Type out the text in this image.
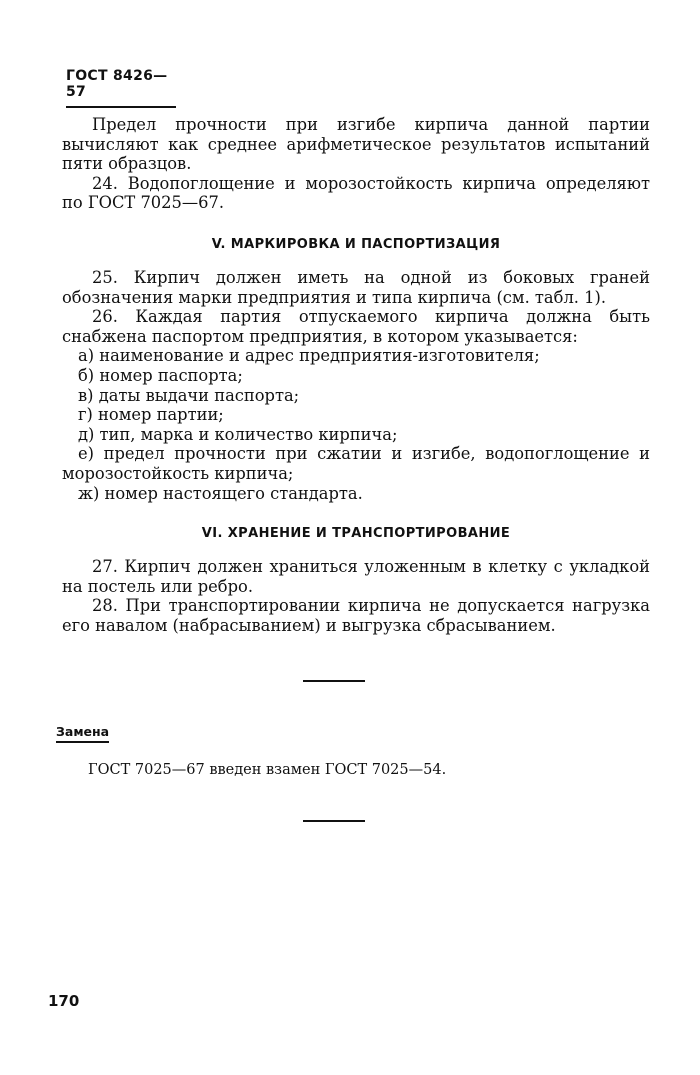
ГОСТ 8426—57

Предел прочности при изгибе кирпича данной партии вычисляют как среднее арифметическое результатов испытаний пяти образцов.

24. Водопоглощение и морозостойкость кирпича определяют по ГОСТ 7025—67.

V. МАРКИРОВКА И ПАСПОРТИЗАЦИЯ

25. Кирпич должен иметь на одной из боковых граней обозначения марки предприятия и типа кирпича (см. табл. 1).

26. Каждая партия отпускаемого кирпича должна быть снабжена паспортом предприятия, в котором указывается:

а) наименование и адрес предприятия-изготовителя;

б) номер паспорта;

в) даты выдачи паспорта;

г) номер партии;

д) тип, марка и количество кирпича;

е) предел прочности при сжатии и изгибе, водопоглощение и морозостойкость кирпича;

ж) номер настоящего стандарта.

VI. ХРАНЕНИЕ И ТРАНСПОРТИРОВАНИЕ

27. Кирпич должен храниться уложенным в клетку с укладкой на постель или ребро.

28. При транспортировании кирпича не допускается нагрузка его навалом (набрасыванием) и выгрузка сбрасыванием.

Замена
ГОСТ 7025—67 введен взамен ГОСТ 7025—54.
170
